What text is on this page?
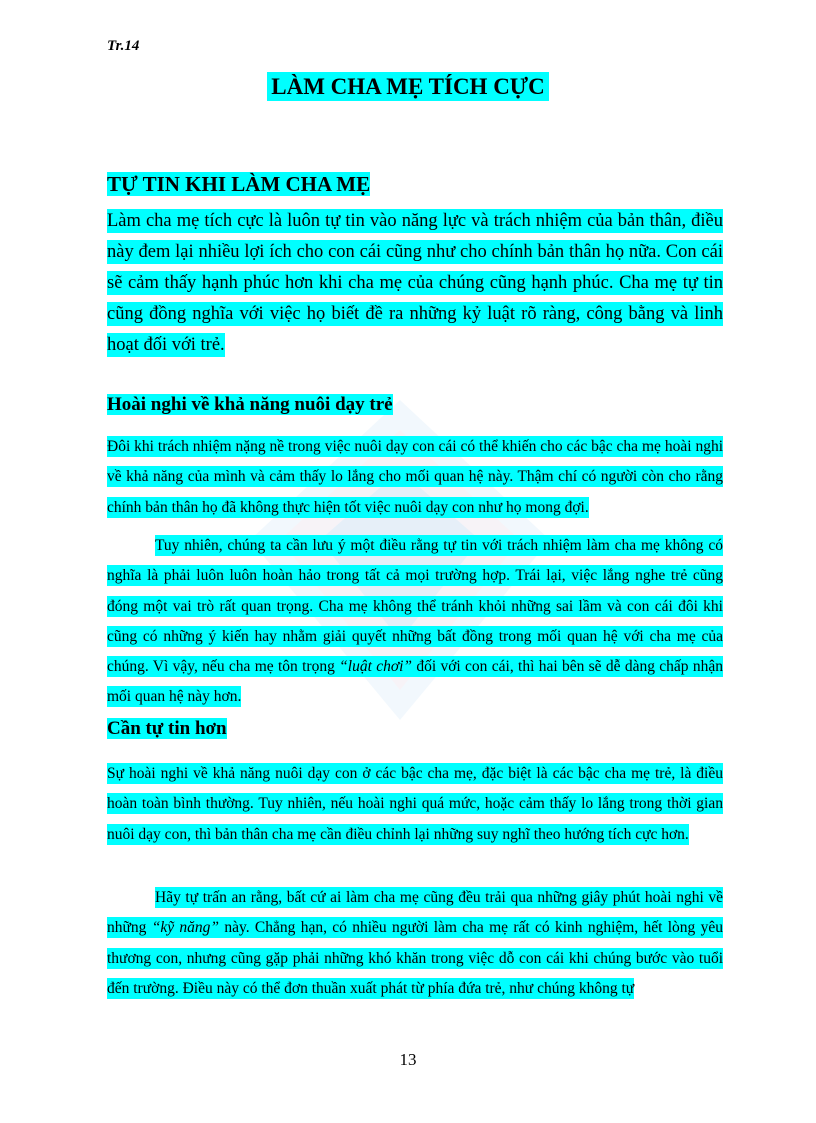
Tr.14
LÀM CHA MẸ TÍCH CỰC
TỰ TIN KHI LÀM CHA MẸ

Làm cha mẹ tích cực là luôn tự tin vào năng lực và trách nhiệm của bản thân, điều này đem lại nhiều lợi ích cho con cái cũng như cho chính bản thân họ nữa. Con cái sẽ cảm thấy hạnh phúc hơn khi cha mẹ của chúng cũng hạnh phúc. Cha mẹ tự tin cũng đồng nghĩa với việc họ biết đề ra những kỷ luật rõ ràng, công bằng và linh hoạt đối với trẻ.

Hoài nghi về khả năng nuôi dạy trẻ

Đôi khi trách nhiệm nặng nề trong việc nuôi dạy con cái có thể khiến cho các bậc cha mẹ hoài nghi về khả năng của mình và cảm thấy lo lắng cho mối quan hệ này. Thậm chí có người còn cho rằng chính bản thân họ đã không thực hiện tốt việc nuôi dạy con như họ mong đợi.

Tuy nhiên, chúng ta cần lưu ý một điều rằng tự tin với trách nhiệm làm cha mẹ không có nghĩa là phải luôn luôn hoàn hảo trong tất cả mọi trường hợp. Trái lại, việc lắng nghe trẻ cũng đóng một vai trò rất quan trọng. Cha mẹ không thể tránh khỏi những sai lầm và con cái đôi khi cũng có những ý kiến hay nhằm giải quyết những bất đồng trong mối quan hệ với cha mẹ của chúng. Vì vậy, nếu cha mẹ tôn trọng “luật chơi” đối với con cái, thì hai bên sẽ dễ dàng chấp nhận mối quan hệ này hơn.

Cần tự tin hơn

Sự hoài nghi về khả năng nuôi dạy con ở các bậc cha mẹ, đặc biệt là các bậc cha mẹ trẻ, là điều hoàn toàn bình thường. Tuy nhiên, nếu hoài nghi quá mức, hoặc cảm thấy lo lắng trong thời gian nuôi dạy con, thì bản thân cha mẹ cần điều chỉnh lại những suy nghĩ theo hướng tích cực hơn.

Hãy tự trấn an rằng, bất cứ ai làm cha mẹ cũng đều trải qua những giây phút hoài nghi về những “kỹ năng” này. Chẳng hạn, có nhiều người làm cha mẹ rất có kinh nghiệm, hết lòng yêu thương con, nhưng cũng gặp phải những khó khăn trong việc dỗ con cái khi chúng bước vào tuổi đến trường. Điều này có thể đơn thuần xuất phát từ phía đứa trẻ, như chúng không tự

13
